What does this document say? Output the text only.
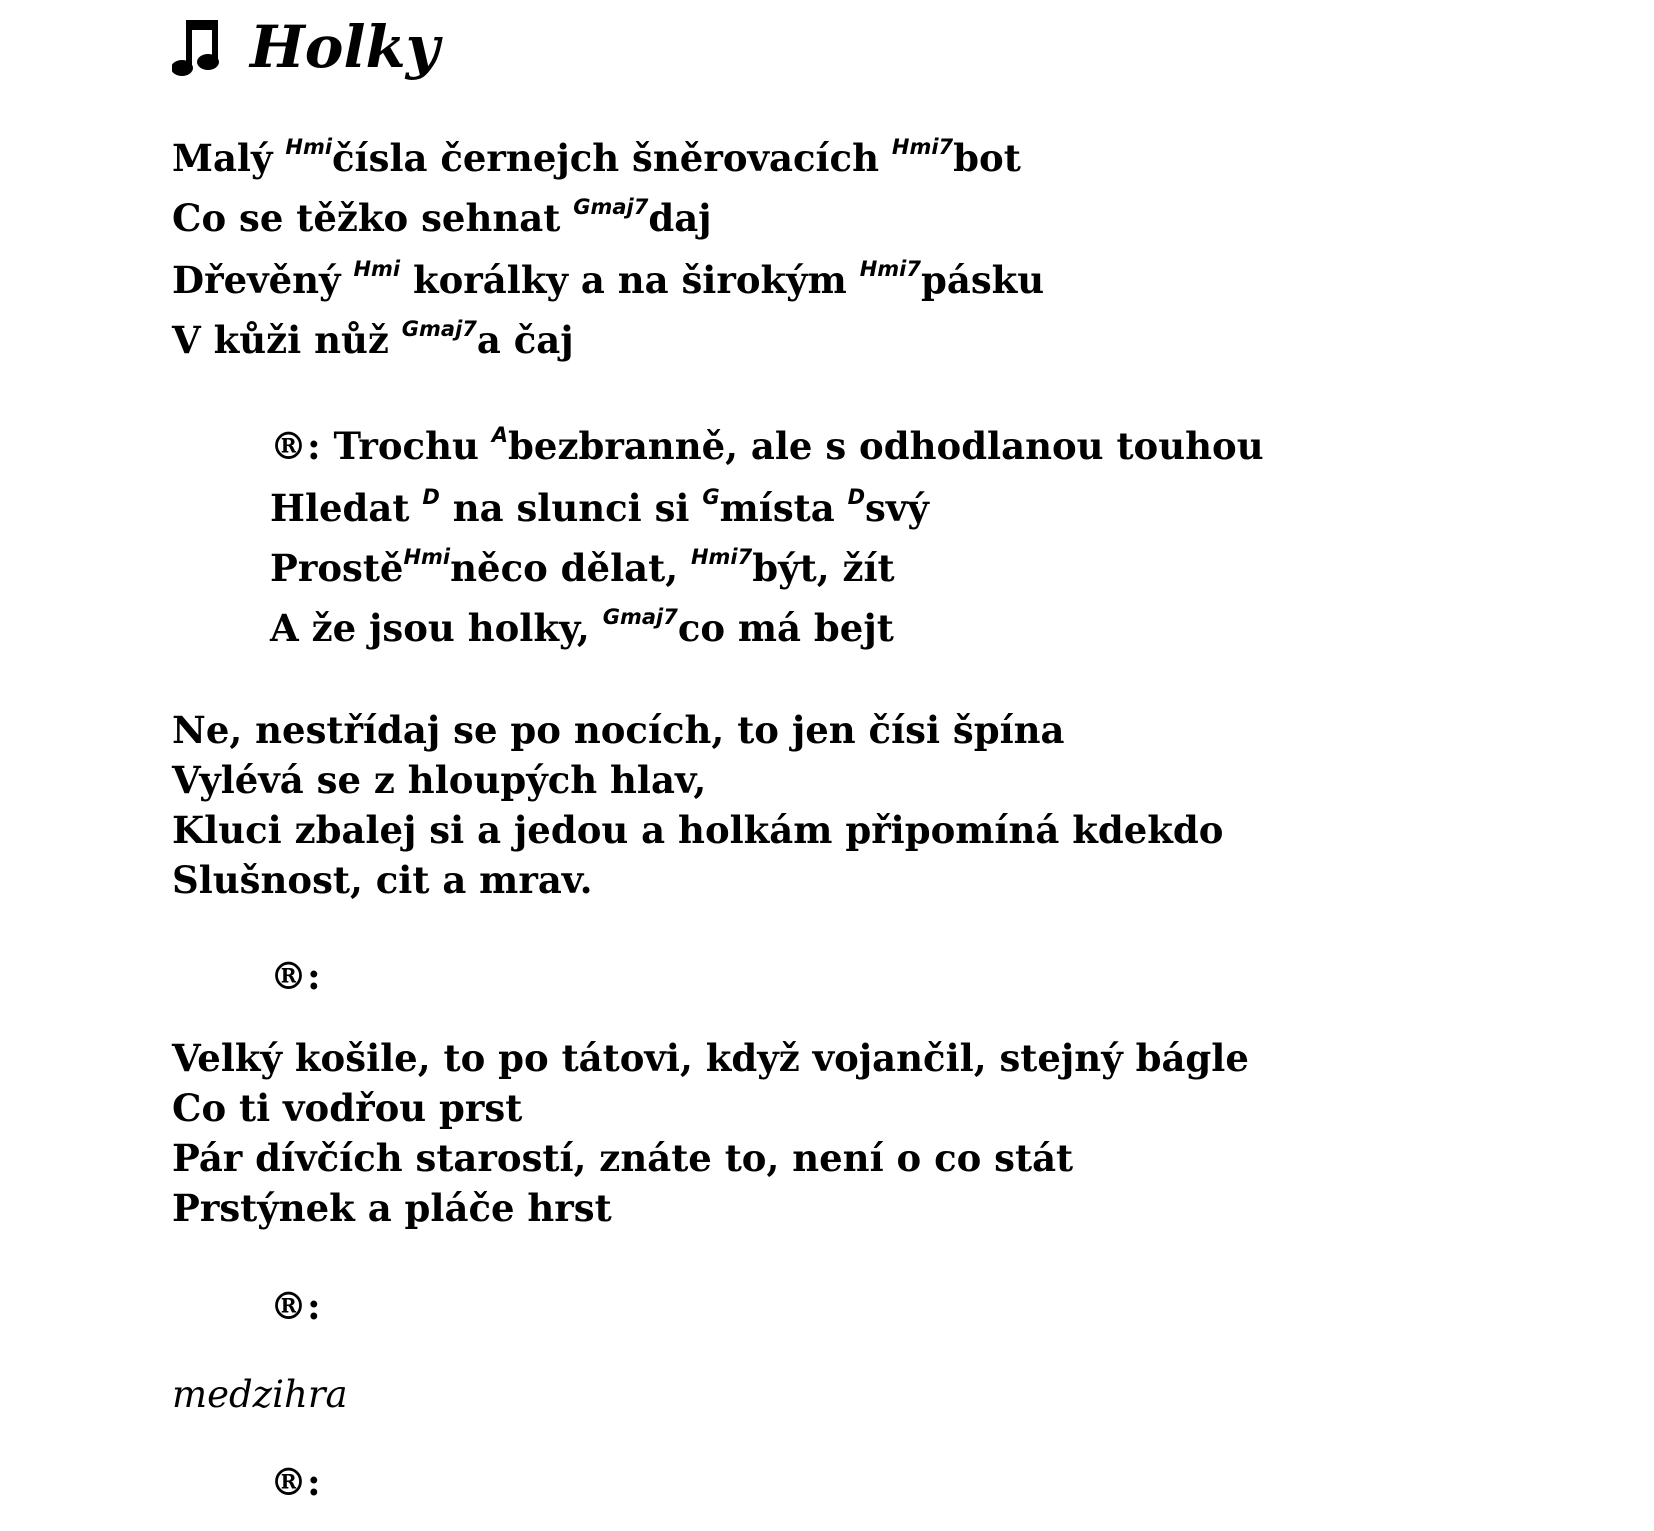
Holky
Malý Hmičísla černejch šněrovacích Hmi7bot
Co se těžko sehnat Gmaj7daj
Dřevěný Hmi korálky a na širokým Hmi7pásku
V kůži nůž Gmaj7a čaj
®: Trochu Abezbranně, ale s odhodlanou touhou
Hledat D na slunci si Gmísta Dsvý
ProstěHminěco dělat, Hmi7být, žít
A že jsou holky, Gmaj7co má bejt
Ne, nestřídaj se po nocích, to jen čísi špína
Vylévá se z hloupých hlav,
Kluci zbalej si a jedou a holkám připomíná kdekdo
Slušnost, cit a mrav.
®:
Velký košile, to po tátovi, když vojančil, stejný bágle
Co ti vodřou prst
Pár dívčích starostí, znáte to, není o co stát
Prstýnek a pláče hrst
®:
medzihra
®:
